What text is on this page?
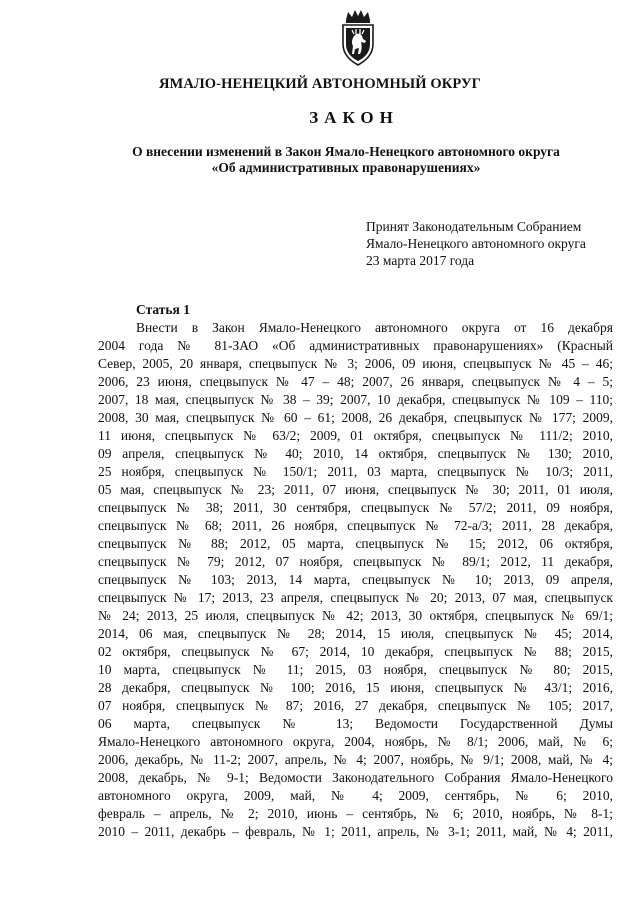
ЯМАЛО-НЕНЕЦКИЙ АВТОНОМНЫЙ ОКРУГ
ЗАКОН
О внесении изменений в Закон Ямало-Ненецкого автономного округа
«Об административных правонарушениях»
Принят Законодательным Собранием
Ямало-Ненецкого автономного округа
23 марта 2017 года
Статья 1
Внести в Закон Ямало-Ненецкого автономного округа от 16 декабря
2004 года № 81-ЗАО «Об административных правонарушениях» (Красный
Север, 2005, 20 января, спецвыпуск № 3; 2006, 09 июня, спецвыпуск № 45 – 46;
2006, 23 июня, спецвыпуск № 47 – 48; 2007, 26 января, спецвыпуск № 4 – 5;
2007, 18 мая, спецвыпуск № 38 – 39; 2007, 10 декабря, спецвыпуск № 109 – 110;
2008, 30 мая, спецвыпуск № 60 – 61; 2008, 26 декабря, спецвыпуск № 177; 2009,
11 июня, спецвыпуск № 63/2; 2009, 01 октября, спецвыпуск № 111/2; 2010,
09 апреля, спецвыпуск № 40; 2010, 14 октября, спецвыпуск № 130; 2010,
25 ноября, спецвыпуск № 150/1; 2011, 03 марта, спецвыпуск № 10/3; 2011,
05 мая, спецвыпуск № 23; 2011, 07 июня, спецвыпуск № 30; 2011, 01 июля,
спецвыпуск № 38; 2011, 30 сентября, спецвыпуск № 57/2; 2011, 09 ноября,
спецвыпуск № 68; 2011, 26 ноября, спецвыпуск № 72-а/3; 2011, 28 декабря,
спецвыпуск № 88; 2012, 05 марта, спецвыпуск № 15; 2012, 06 октября,
спецвыпуск № 79; 2012, 07 ноября, спецвыпуск № 89/1; 2012, 11 декабря,
спецвыпуск № 103; 2013, 14 марта, спецвыпуск № 10; 2013, 09 апреля,
спецвыпуск № 17; 2013, 23 апреля, спецвыпуск № 20; 2013, 07 мая, спецвыпуск
№ 24; 2013, 25 июля, спецвыпуск № 42; 2013, 30 октября, спецвыпуск № 69/1;
2014, 06 мая, спецвыпуск № 28; 2014, 15 июля, спецвыпуск № 45; 2014,
02 октября, спецвыпуск № 67; 2014, 10 декабря, спецвыпуск № 88; 2015,
10 марта, спецвыпуск № 11; 2015, 03 ноября, спецвыпуск № 80; 2015,
28 декабря, спецвыпуск № 100; 2016, 15 июня, спецвыпуск № 43/1; 2016,
07 ноября, спецвыпуск № 87; 2016, 27 декабря, спецвыпуск № 105; 2017,
06 марта, спецвыпуск № 13; Ведомости Государственной Думы
Ямало-Ненецкого автономного округа, 2004, ноябрь, № 8/1; 2006, май, № 6;
2006, декабрь, № 11-2; 2007, апрель, № 4; 2007, ноябрь, № 9/1; 2008, май, № 4;
2008, декабрь, № 9-1; Ведомости Законодательного Собрания Ямало-Ненецкого
автономного округа, 2009, май, № 4; 2009, сентябрь, № 6; 2010,
февраль – апрель, № 2; 2010, июнь – сентябрь, № 6; 2010, ноябрь, № 8-1;
2010 – 2011, декабрь – февраль, № 1; 2011, апрель, № 3-1; 2011, май, № 4; 2011,
